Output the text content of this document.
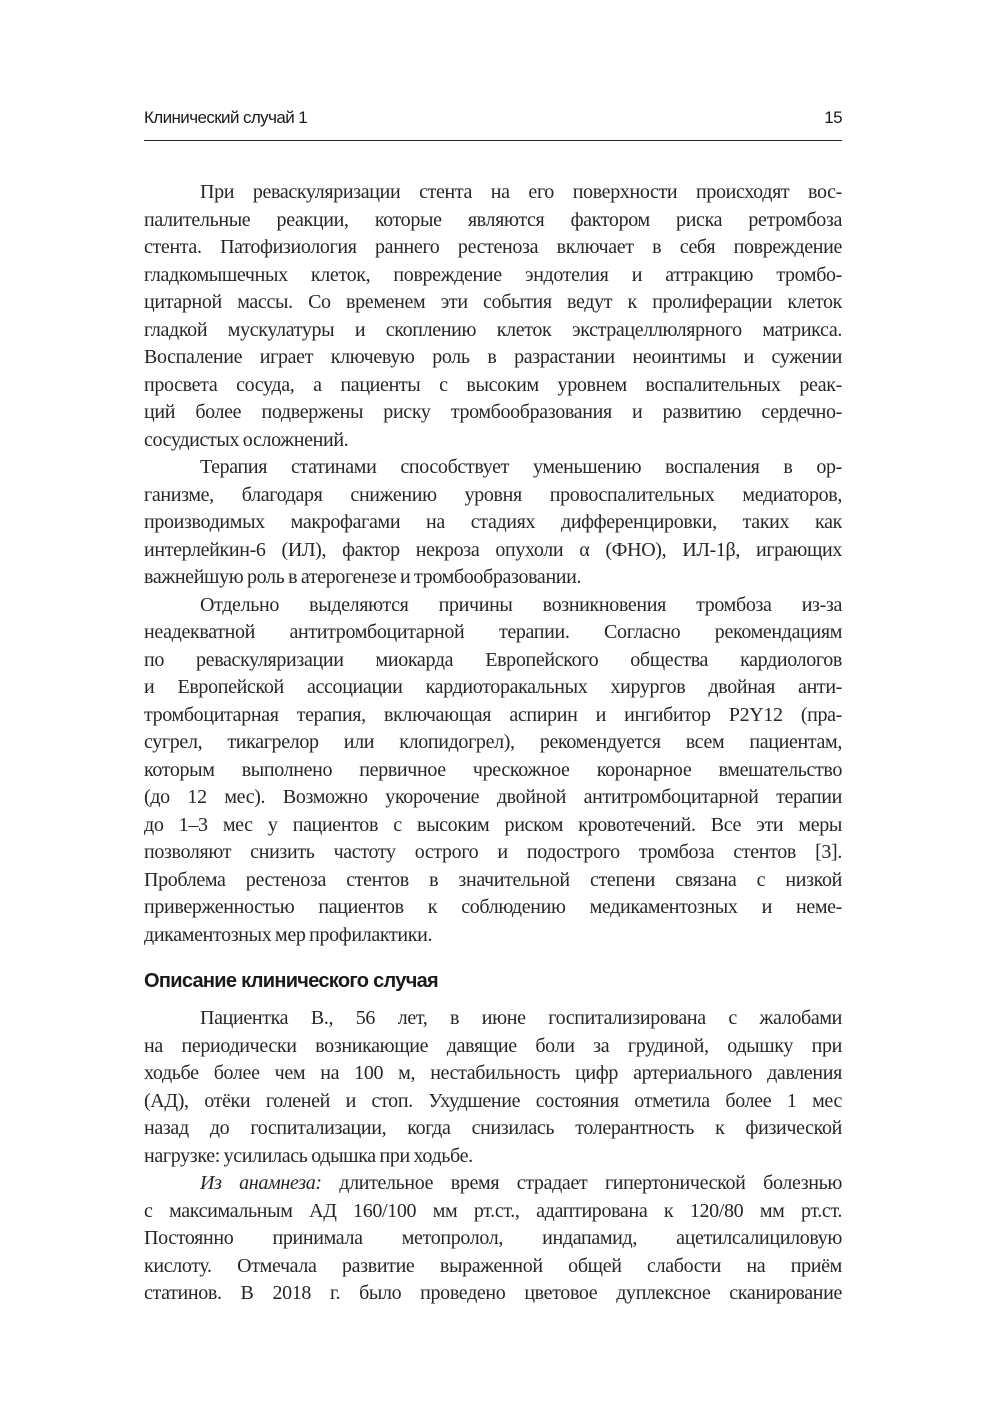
Клинический случай 1	15
При реваскуляризации стента на его поверхности происходят вос-
палительные реакции, которые являются фактором риска ретромбоза
стента. Патофизиология раннего рестеноза включает в себя повреждение
гладкомышечных клеток, повреждение эндотелия и аттракцию тромбо-
цитарной массы. Со временем эти события ведут к пролиферации клеток
гладкой мускулатуры и скоплению клеток экстрацеллюлярного матрикса.
Воспаление играет ключевую роль в разрастании неоинтимы и сужении
просвета сосуда, а пациенты с высоким уровнем воспалительных реак-
ций более подвержены риску тромбообразования и развитию сердечно-
сосудистых осложнений.
Терапия статинами способствует уменьшению воспаления в ор-
ганизме, благодаря снижению уровня провоспалительных медиаторов,
производимых макрофагами на стадиях дифференцировки, таких как
интерлейкин-6 (ИЛ), фактор некроза опухоли α (ФНО), ИЛ-1β, играющих
важнейшую роль в атерогенезе и тромбообразовании.
Отдельно выделяются причины возникновения тромбоза из-за
неадекватной антитромбоцитарной терапии. Согласно рекомендациям
по реваскуляризации миокарда Европейского общества кардиологов
и Европейской ассоциации кардиоторакальных хирургов двойная анти-
тромбоцитарная терапия, включающая аспирин и ингибитор P2Y12 (пра-
сугрел, тикагрелор или клопидогрел), рекомендуется всем пациентам,
которым выполнено первичное чрескожное коронарное вмешательство
(до 12 мес). Возможно укорочение двойной антитромбоцитарной терапии
до 1–3 мес у пациентов с высоким риском кровотечений. Все эти меры
позволяют снизить частоту острого и подострого тромбоза стентов [3].
Проблема рестеноза стентов в значительной степени связана с низкой
приверженностью пациентов к соблюдению медикаментозных и неме-
дикаментозных мер профилактики.
Описание клинического случая
Пациентка В., 56 лет, в июне госпитализирована с жалобами
на периодически возникающие давящие боли за грудиной, одышку при
ходьбе более чем на 100 м, нестабильность цифр артериального давления
(АД), отёки голеней и стоп. Ухудшение состояния отметила более 1 мес
назад до госпитализации, когда снизилась толерантность к физической
нагрузке: усилилась одышка при ходьбе.
Из анамнеза: длительное время страдает гипертонической болезнью
с максимальным АД 160/100 мм рт.ст., адаптирована к 120/80 мм рт.ст.
Постоянно принимала метопролол, индапамид, ацетилсалициловую
кислоту. Отмечала развитие выраженной общей слабости на приём
статинов. В 2018 г. было проведено цветовое дуплексное сканирование
